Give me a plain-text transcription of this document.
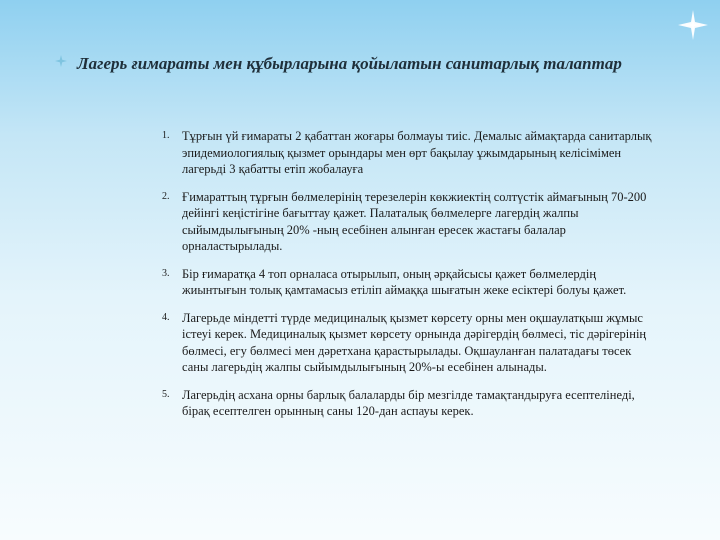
Лагерь ғимараты мен құбырларына қойылатын санитарлық талаптар
1.	Тұрғын үй ғимараты 2 қабаттан жоғары болмауы тиіс. Демалыс аймақтарда санитарлық эпидемиологиялық қызмет орындары мен өрт бақылау ұжымдарының келісімімен лагерьді 3 қабатты етіп жобалауға
2.	Ғимараттың тұрғын бөлмелерінің терезелерін көкжиектің солтүстік аймағының 70-200 дейінгі кеңістігіне бағыттау қажет. Палаталық бөлмелерге лагердің жалпы сыйымдылығының 20% -ның есебінен алынған ересек жастағы балалар орналастырылады.
3.	Бір ғимаратқа 4 топ орналаса отырылып, оның әрқайсысы қажет бөлмелердің жиынтығын толық қамтамасыз етіліп аймаққа шығатын жеке есіктері болуы қажет.
4.	Лагерьде міндетті түрде медициналық қызмет көрсету орны мен оқшаулатқыш жұмыс істеуі керек. Медициналық қызмет көрсету орнында дәрігердің бөлмесі, тіс дәрігерінің бөлмесі, егу бөлмесі мен дәретхана қарастырылады. Оқшауланған палатадағы төсек саны лагерьдің жалпы сыйымдылығының 20%-ы есебінен алынады.
5.	Лагерьдің асхана орны барлық балаларды бір мезгілде тамақтандыруға есептелінеді, бірақ есептелген орынның саны 120-дан аспауы керек.
